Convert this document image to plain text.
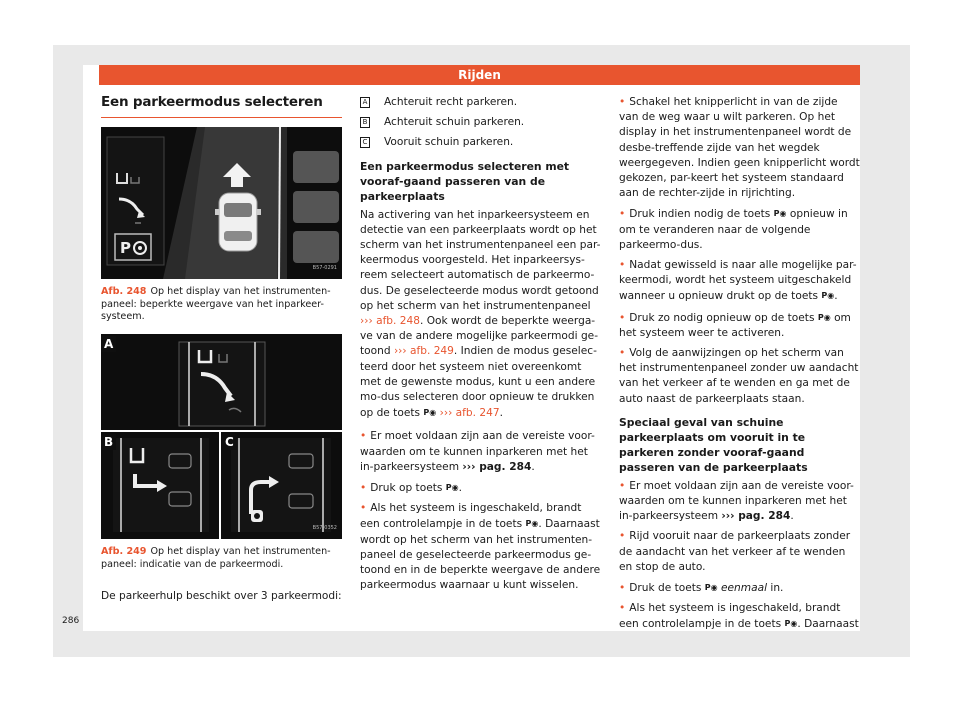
Rijden
286
Een parkeermodus selecteren
P
B57-0291
Afb. 248 Op het display van het instrumenten-paneel: beperkte weergave van het inparkeer-systeem.
A
B	C
B57-0352
Afb. 249 Op het display van het instrumenten-paneel: indicatie van de parkeermodi.

De parkeerhulp beschikt over 3 parkeermodi:

A Achteruit recht parkeren.
B Achteruit schuin parkeren.
C Vooruit schuin parkeren.
Een parkeermodus selecteren met vooraf-gaand passeren van de parkeerplaats

Na activering van het inparkeersysteem en detectie van een parkeerplaats wordt op het scherm van het instrumentenpaneel een par-keermodus voorgesteld. Het inparkeersys-reem selecteert automatisch de parkeermo-dus. De geselecteerde modus wordt getoond op het scherm van het instrumentenpaneel ››› afb. 248. Ook wordt de beperkte weerga-ve van de andere mogelijke parkeermodi ge-toond ››› afb. 249. Indien de modus geselec-teerd door het systeem niet overeenkomt met de gewenste modus, kunt u een andere mo-dus selecteren door opnieuw te drukken op de toets P◉ ››› afb. 247.

• Er moet voldaan zijn aan de vereiste voor-waarden om te kunnen inparkeren met het in-parkeersysteem ››› pag. 284.

• Druk op toets P◉.

• Als het systeem is ingeschakeld, brandt een controlelampje in de toets P◉. Daarnaast wordt op het scherm van het instrumenten-paneel de geselecteerde parkeermodus ge-toond en in de beperkte weergave de andere parkeermodus waarnaar u kunt wisselen.

• Schakel het knipperlicht in van de zijde van de weg waar u wilt parkeren. Op het display in het instrumentenpaneel wordt de desbe-treffende zijde van het wegdek weergegeven. Indien geen knipperlicht wordt gekozen, par-keert het systeem standaard aan de rechter-zijde in rijrichting.

• Druk indien nodig de toets P◉ opnieuw in om te veranderen naar de volgende parkeermo-dus.

• Nadat gewisseld is naar alle mogelijke par-keermodi, wordt het systeem uitgeschakeld wanneer u opnieuw drukt op de toets P◉.

• Druk zo nodig opnieuw op de toets P◉ om het systeem weer te activeren.

• Volg de aanwijzingen op het scherm van het instrumentenpaneel zonder uw aandacht van het verkeer af te wenden en ga met de auto naast de parkeerplaats staan.

Speciaal geval van schuine parkeerplaats om vooruit in te parkeren zonder vooraf-gaand passeren van de parkeerplaats

• Er moet voldaan zijn aan de vereiste voor-waarden om te kunnen inparkeren met het in-parkeersysteem ››› pag. 284.

• Rijd vooruit naar de parkeerplaats zonder de aandacht van het verkeer af te wenden en stop de auto.

• Druk de toets P◉ eenmaal in.

• Als het systeem is ingeschakeld, brandt een controlelampje in de toets P◉. Daarnaast
